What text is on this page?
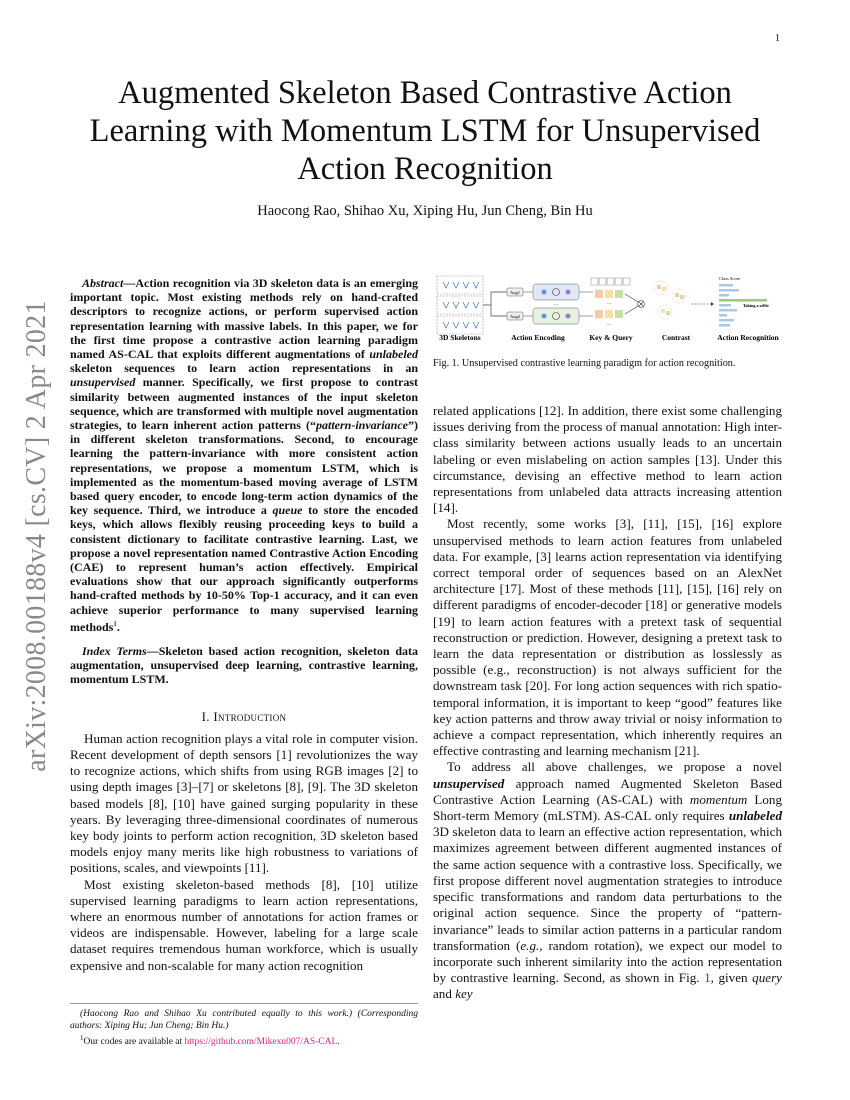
1
arXiv:2008.00188v4 [cs.CV] 2 Apr 2021
Augmented Skeleton Based Contrastive Action Learning with Momentum LSTM for Unsupervised Action Recognition
Haocong Rao, Shihao Xu, Xiping Hu, Jun Cheng, Bin Hu

Abstract—Action recognition via 3D skeleton data is an emerging important topic. Most existing methods rely on hand-crafted descriptors to recognize actions, or perform supervised action representation learning with massive labels. In this paper, we for the first time propose a contrastive action learning paradigm named AS-CAL that exploits different augmentations of unlabeled skeleton sequences to learn action representations in an unsupervised manner. Specifically, we first propose to contrast similarity between augmented instances of the input skeleton sequence, which are transformed with multiple novel augmentation strategies, to learn inherent action patterns (“pattern-invariance”) in different skeleton transformations. Second, to encourage learning the pattern-invariance with more consistent action representations, we propose a momentum LSTM, which is implemented as the momentum-based moving average of LSTM based query encoder, to encode long-term action dynamics of the key sequence. Third, we introduce a queue to store the encoded keys, which allows flexibly reusing proceeding keys to build a consistent dictionary to facilitate contrastive learning. Last, we propose a novel representation named Contrastive Action Encoding (CAE) to represent human’s action effectively. Empirical evaluations show that our approach significantly outperforms hand-crafted methods by 10-50% Top-1 accuracy, and it can even achieve superior performance to many supervised learning methods$^1$.

Index Terms—Skeleton based action recognition, skeleton data augmentation, unsupervised deep learning, contrastive learning, momentum LSTM.

I. Introduction

Human action recognition plays a vital role in computer vision. Recent development of depth sensors [1] revolutionizes the way to recognize actions, which shifts from using RGB images [2] to using depth images [3]–[7] or skeletons [8], [9]. The 3D skeleton based models [8], [10] have gained surging popularity in these years. By leveraging three-dimensional coordinates of numerous key body joints to perform action recognition, 3D skeleton based models enjoy many merits like high robustness to variations of positions, scales, and viewpoints [11].

Most existing skeleton-based methods [8], [10] utilize supervised learning paradigms to learn action representations, where an enormous number of annotations for action frames or videos are indispensable. However, labeling for a large scale dataset requires tremendous human workforce, which is usually expensive and non-scalable for many action recognition

(Haocong Rao and Shihao Xu contributed equally to this work.) (Corresponding authors: Xiping Hu; Jun Cheng; Bin Hu.)

$^1$Our codes are available at https://github.com/Mikexu007/AS-CAL.

Aug1
Aug2
···	···
···
Class Score
Taking a selfie
3D Skeletons	Action Encoding	Key & Query	Contrast	Action Recognition
Fig. 1. Unsupervised contrastive learning paradigm for action recognition.

related applications [12]. In addition, there exist some challenging issues deriving from the process of manual annotation: High inter-class similarity between actions usually leads to an uncertain labeling or even mislabeling on action samples [13]. Under this circumstance, devising an effective method to learn action representations from unlabeled data attracts increasing attention [14].

Most recently, some works [3], [11], [15], [16] explore unsupervised methods to learn action features from unlabeled data. For example, [3] learns action representation via identifying correct temporal order of sequences based on an AlexNet architecture [17]. Most of these methods [11], [15], [16] rely on different paradigms of encoder-decoder [18] or generative models [19] to learn action features with a pretext task of sequential reconstruction or prediction. However, designing a pretext task to learn the data representation or distribution as losslessly as possible (e.g., reconstruction) is not always sufficient for the downstream task [20]. For long action sequences with rich spatio-temporal information, it is important to keep “good” features like key action patterns and throw away trivial or noisy information to achieve a compact representation, which inherently requires an effective contrasting and learning mechanism [21].

To address all above challenges, we propose a novel unsupervised approach named Augmented Skeleton Based Contrastive Action Learning (AS-CAL) with momentum Long Short-term Memory (mLSTM). AS-CAL only requires unlabeled 3D skeleton data to learn an effective action representation, which maximizes agreement between different augmented instances of the same action sequence with a contrastive loss. Specifically, we first propose different novel augmentation strategies to introduce specific transformations and random data perturbations to the original action sequence. Since the property of “pattern-invariance” leads to similar action patterns in a particular random transformation (e.g., random rotation), we expect our model to incorporate such inherent similarity into the action representation by contrastive learning. Second, as shown in Fig. 1, given query and key
